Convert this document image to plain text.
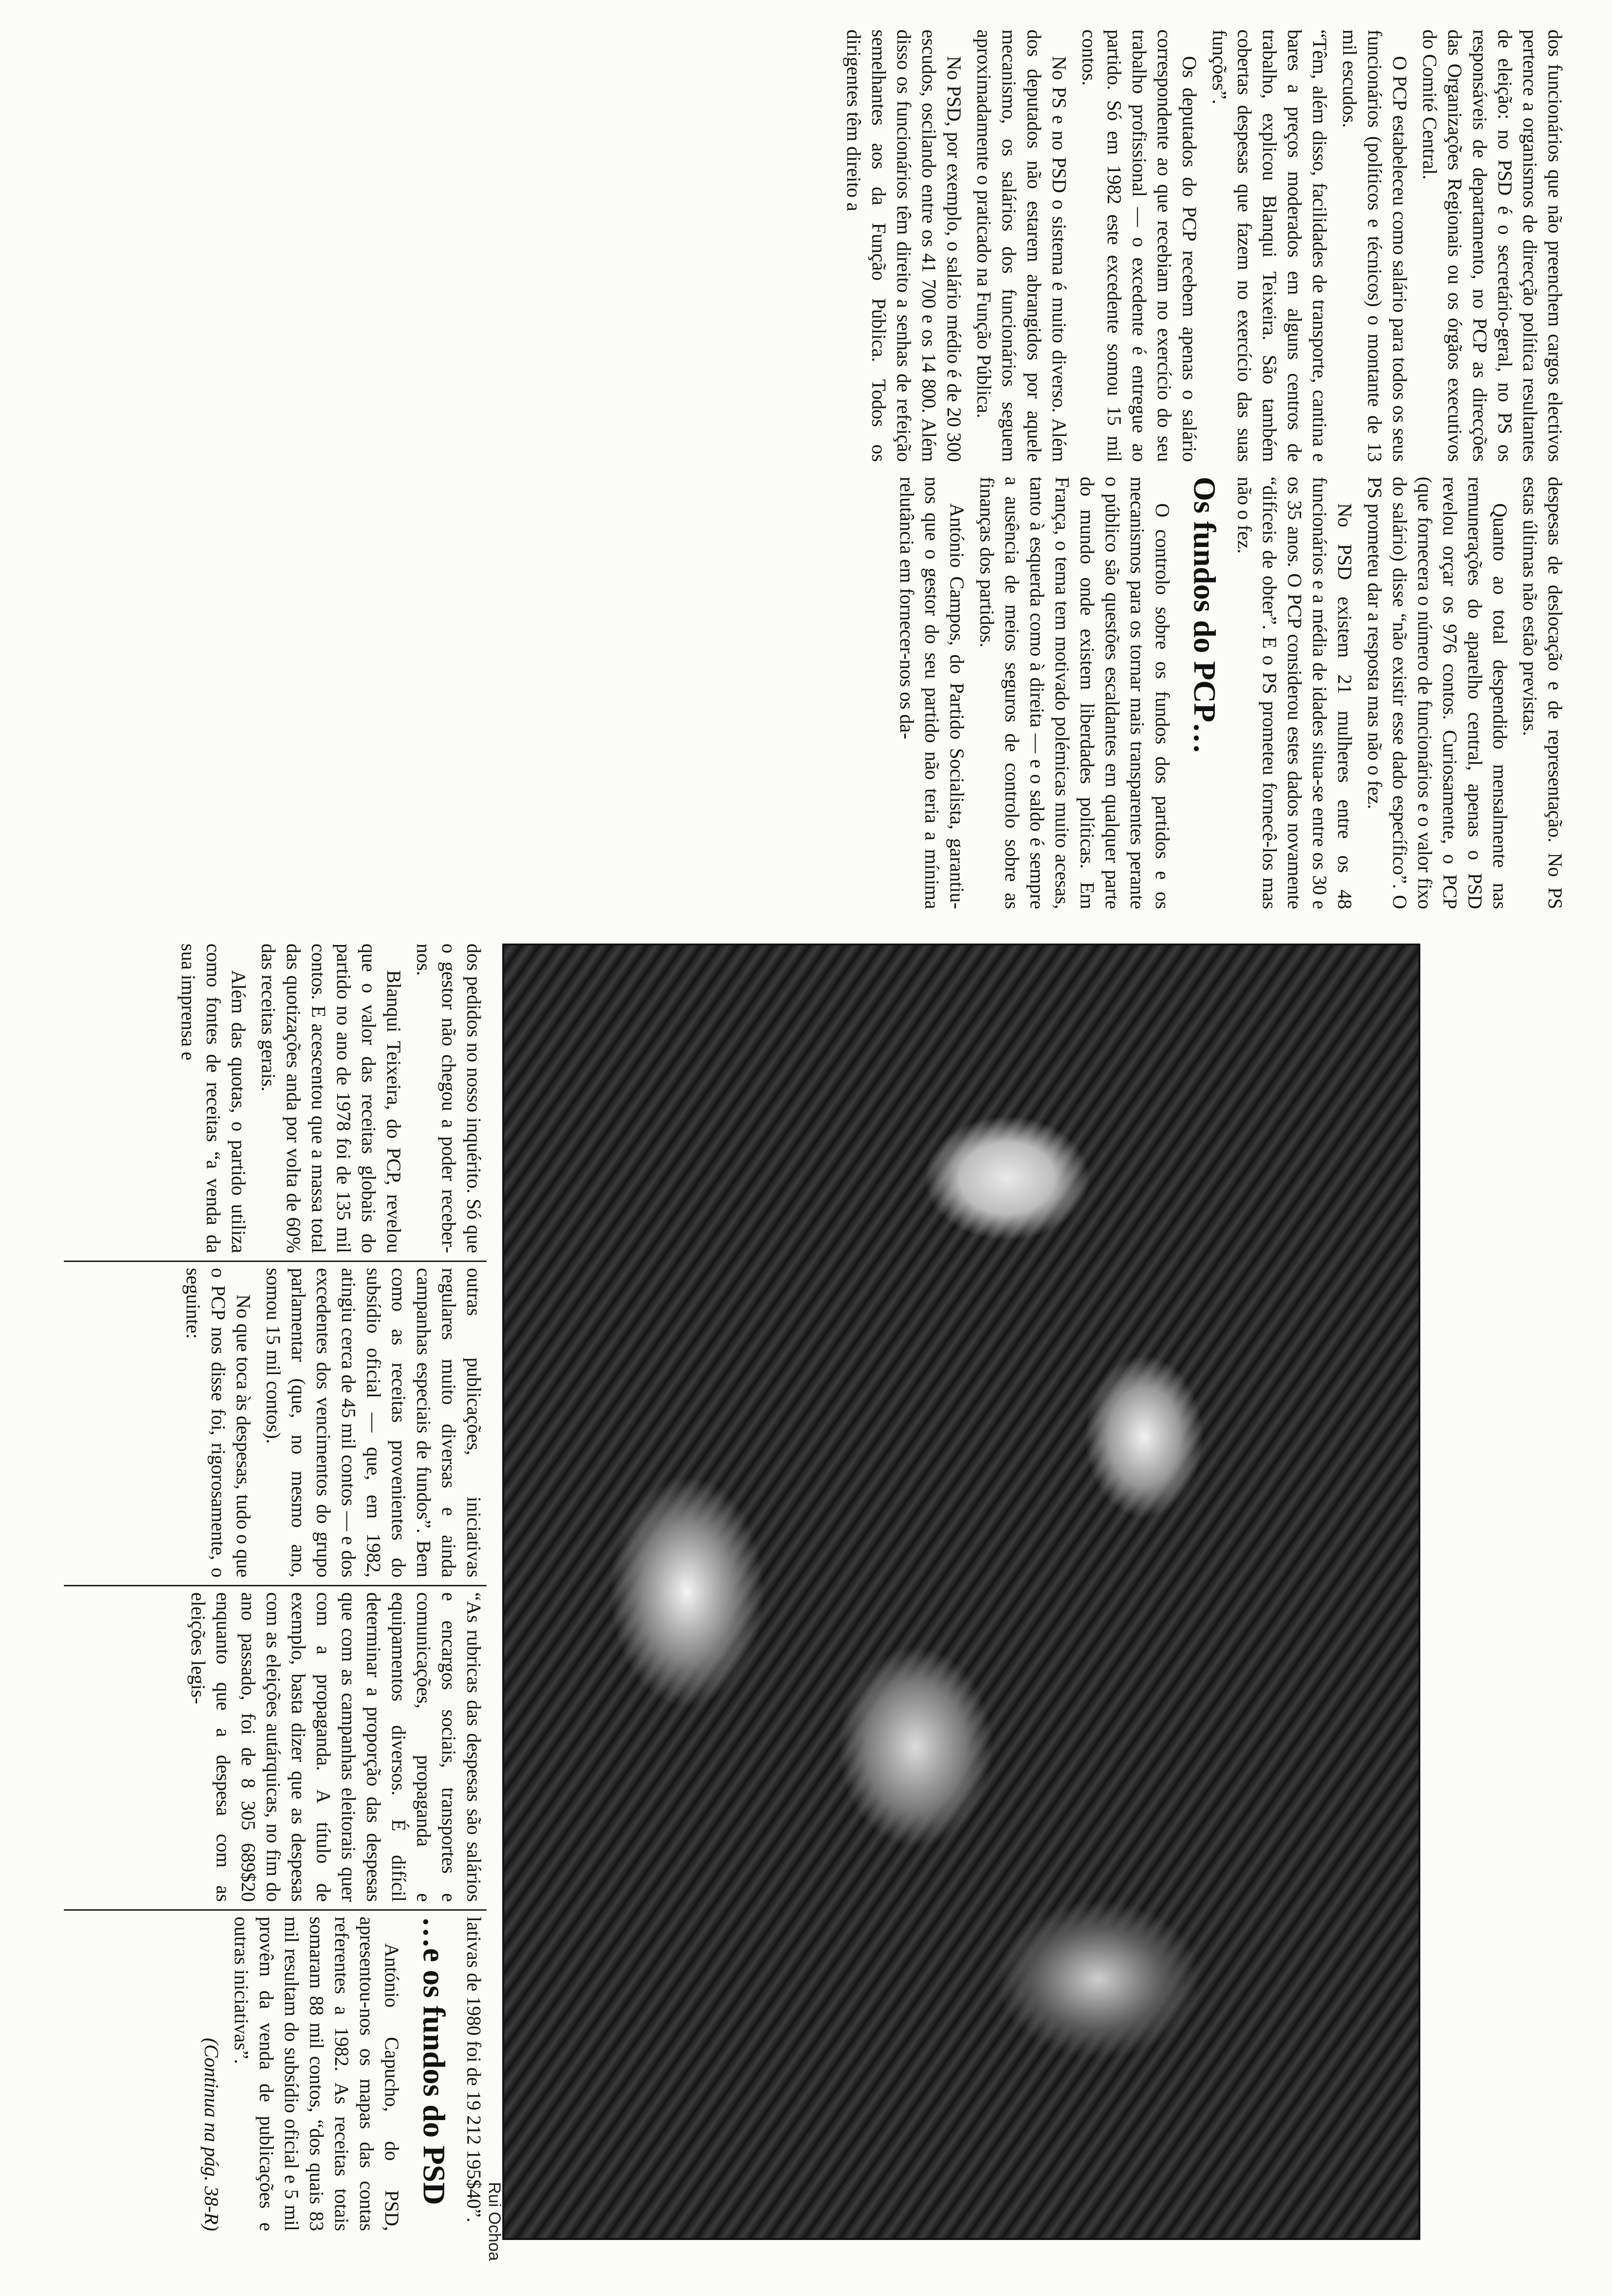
Rui Ochoa

dos funcionários que não preenchem cargos electivos pertence a organismos de direcção política resultantes de eleição: no PSD é o secretário-geral, no PS os responsáveis de departamento, no PCP as direcções das Organizações Regionais ou os órgãos executivos do Comité Central.

O PCP estabeleceu como salário para todos os seus funcionários (políticos e técnicos) o montante de 13 mil escudos.

“Têm, além disso, facilidades de transporte, cantina e bares a preços moderados em alguns centros de trabalho, explicou Blanqui Teixeira. São também cobertas despesas que fazem no exercício das suas funções”.

Os deputados do PCP recebem apenas o salário correspondente ao que recebiam no exercício do seu trabalho profissional — o excedente é entregue ao partido. Só em 1982 este excedente somou 15 mil contos.

No PS e no PSD o sistema é muito diverso. Além dos deputados não estarem abrangidos por aquele mecanismo, os salários dos funcionários seguem aproximadamente o praticado na Função Pública.

No PSD, por exemplo, o salário médio é de 20 300 escudos, oscilando entre os 41 700 e os 14 800. Além disso os funcionários têm direito a senhas de refeição semelhantes aos da Função Pública. Todos os dirigentes têm direito a

despesas de deslocação e de representação. No PS estas últimas não estão previstas.

Quanto ao total despendido mensalmente nas remunerações do aparelho central, apenas o PSD revelou orçar os 976 contos. Curiosamente, o PCP (que fornecera o número de funcionários e o valor fixo do salário) disse “não existir esse dado específico”. O PS prometeu dar a resposta mas não o fez.

No PSD existem 21 mulheres entre os 48 funcionários e a média de idades situa-se entre os 30 e os 35 anos. O PCP considerou estes dados novamente “difíceis de obter”. E o PS prometeu fornecê-los mas não o fez.

Os fundos do PCP…

O controlo sobre os fundos dos partidos e os mecanismos para os tornar mais transparentes perante o público são questões escaldantes em qualquer parte do mundo onde existem liberdades políticas. Em França, o tema tem motivado polémicas muito acesas, tanto à esquerda como à direita — e o saldo é sempre a ausência de meios seguros de controlo sobre as finanças dos partidos.

António Campos, do Partido Socialista, garantiu-nos que o gestor do seu partido não teria a mínima relutância em fornecer-nos os da-

dos pedidos no nosso inquérito. Só que o gestor não chegou a poder receber-nos.

Blanqui Teixeira, do PCP, revelou que o valor das receitas globais do partido no ano de 1978 foi de 135 mil contos. E acescentou que a massa total das quotizações anda por volta de 60% das receitas gerais.

Além das quotas, o partido utiliza como fontes de receitas “a venda da sua imprensa e

outras publicações, iniciativas regulares muito diversas e ainda campanhas especiais de fundos”. Bem como as receitas provenientes do subsídio oficial — que, em 1982, atingiu cerca de 45 mil contos — e dos excedentes dos vencimentos do grupo parlamentar (que, no mesmo ano, somou 15 mil contos).

No que toca às despesas, tudo o que o PCP nos disse foi, rigorosamente, o seguinte:

“As rubricas das despesas são salários e encargos sociais, transportes e comunicações, propaganda e equipamentos diversos. É difícil determinar a proporção das despesas que com as campanhas eleitorais quer com a propaganda. A título de exemplo, basta dizer que as despesas com as eleições autárquicas, no fim do ano passado, foi de 8 305 689$20 enquanto que a despesa com as eleições legis-

lativas de 1980 foi de 19 212 195$40”.

…e os fundos do PSD

António Capucho, do PSD, apresentou-nos os mapas das contas referentes a 1982. As receitas totais somaram 88 mil contos, “dos quais 83 mil resultam do subsídio oficial e 5 mil provêm da venda de publicações e outras iniciativas”.

(Continua na pág. 38-R)
